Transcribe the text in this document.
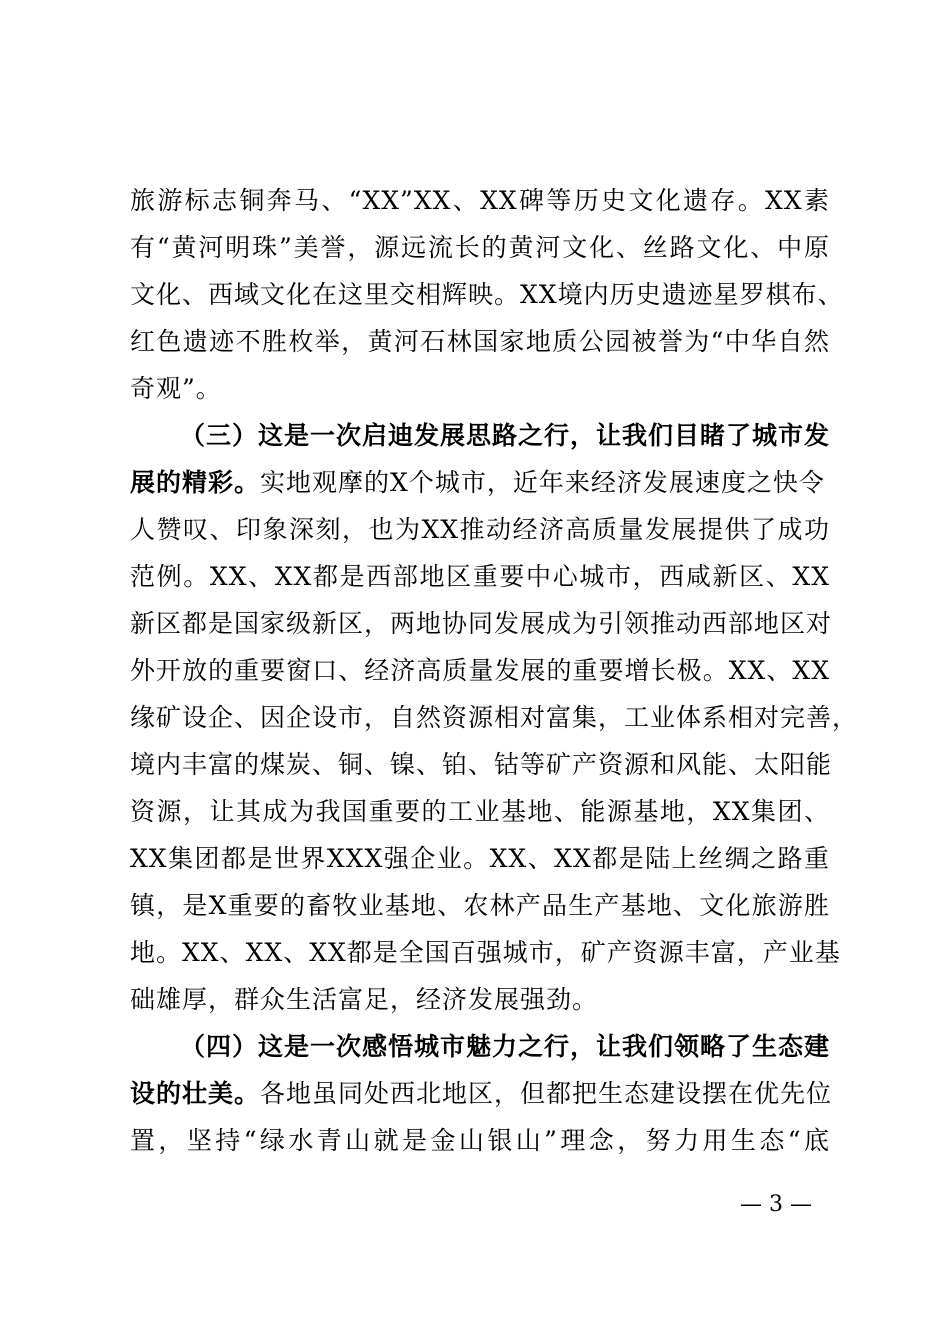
旅游标志铜奔马、“XX”XX、XX碑等历史文化遗存。XX素
有“黄河明珠”美誉，源远流长的黄河文化、丝路文化、中原
文化、西域文化在这里交相辉映。XX境内历史遗迹星罗棋布、
红色遗迹不胜枚举，黄河石林国家地质公园被誉为“中华自然
奇观”。
（三）这是一次启迪发展思路之行，让我们目睹了城市发
展的精彩。实地观摩的X个城市，近年来经济发展速度之快令
人赞叹、印象深刻，也为XX推动经济高质量发展提供了成功
范例。XX、XX都是西部地区重要中心城市，西咸新区、XX
新区都是国家级新区，两地协同发展成为引领推动西部地区对
外开放的重要窗口、经济高质量发展的重要增长极。XX、XX
缘矿设企、因企设市，自然资源相对富集，工业体系相对完善，
境内丰富的煤炭、铜、镍、铂、钴等矿产资源和风能、太阳能
资源，让其成为我国重要的工业基地、能源基地，XX集团、
XX集团都是世界XXX强企业。XX、XX都是陆上丝绸之路重
镇，是X重要的畜牧业基地、农林产品生产基地、文化旅游胜
地。XX、XX、XX都是全国百强城市，矿产资源丰富，产业基
础雄厚，群众生活富足，经济发展强劲。
（四）这是一次感悟城市魅力之行，让我们领略了生态建
设的壮美。各地虽同处西北地区，但都把生态建设摆在优先位
置，坚持“绿水青山就是金山银山”理念，努力用生态“底
— 3 —
